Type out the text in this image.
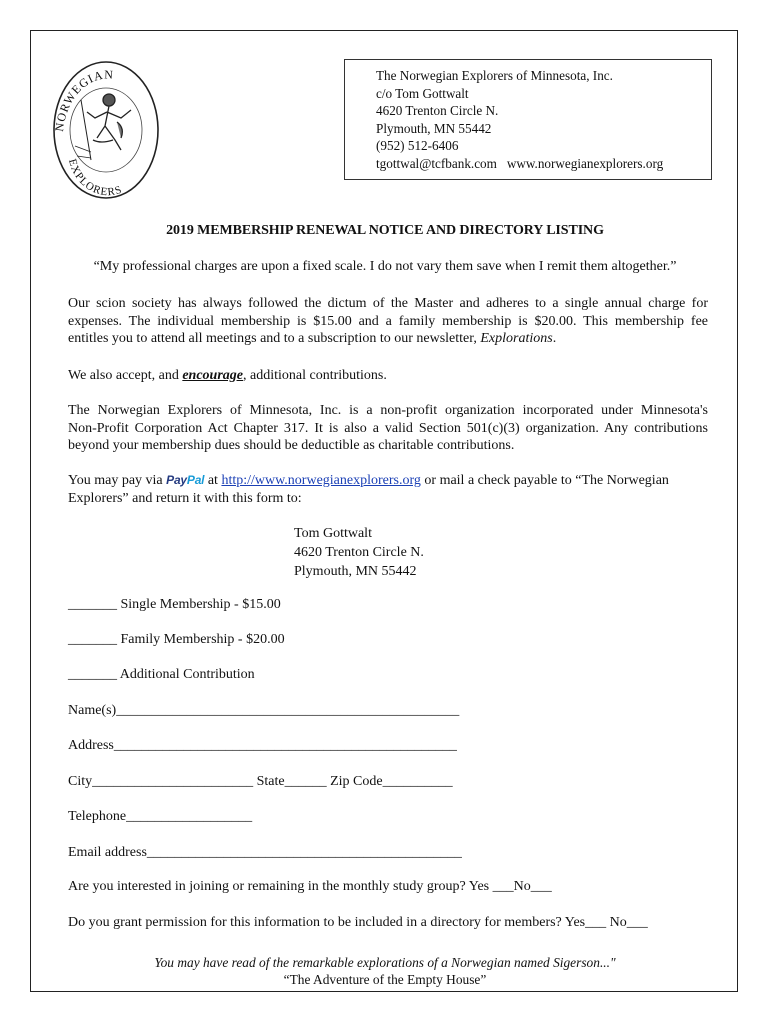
NORWEGIAN
EXPLORERS
The Norwegian Explorers of Minnesota, Inc.
c/o Tom Gottwalt
4620 Trenton Circle N.
Plymouth, MN 55442
(952) 512-6406
tgottwal@tcfbank.com www.norwegianexplorers.org
2019 MEMBERSHIP RENEWAL NOTICE AND DIRECTORY LISTING
“My professional charges are upon a fixed scale. I do not vary them save when I remit them altogether.”
Our scion society has always followed the dictum of the Master and adheres to a single annual charge for
expenses. The individual membership is $15.00 and a family membership is $20.00. This membership fee
entitles you to attend all meetings and to a subscription to our newsletter, Explorations.
We also accept, and encourage, additional contributions.
The Norwegian Explorers of Minnesota, Inc. is a non-profit organization incorporated under Minnesota's
Non-Profit Corporation Act Chapter 317. It is also a valid Section 501(c)(3) organization. Any contributions
beyond your membership dues should be deductible as charitable contributions.
You may pay via PayPal at http://www.norwegianexplorers.org or mail a check payable to “The Norwegian
Explorers” and return it with this form to:
Tom Gottwalt
4620 Trenton Circle N.
Plymouth, MN 55442
_______ Single Membership - $15.00
_______ Family Membership - $20.00
_______ Additional Contribution
Name(s)_________________________________________________
Address_________________________________________________
City_______________________ State______ Zip Code__________
Telephone__________________
Email address_____________________________________________
Are you interested in joining or remaining in the monthly study group? Yes ___No___
Do you grant permission for this information to be included in a directory for members? Yes___ No___
You may have read of the remarkable explorations of a Norwegian named Sigerson..."
“The Adventure of the Empty House”
